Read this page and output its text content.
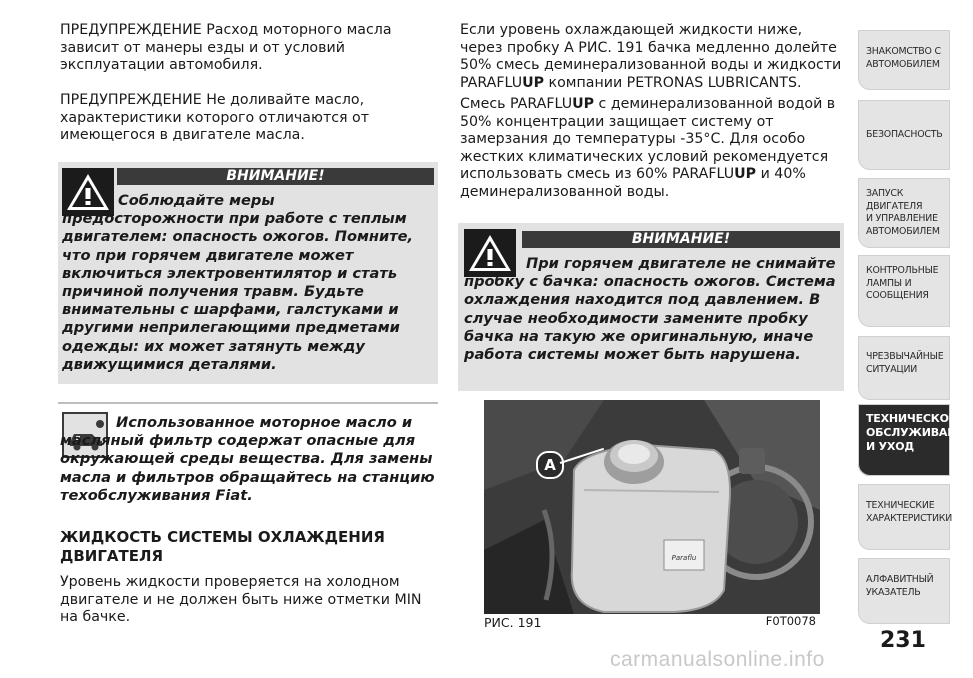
ПРЕДУПРЕЖДЕНИЕ Расход моторного масла зависит от манеры езды и от условий эксплуатации автомобиля.

ПРЕДУПРЕЖДЕНИЕ Не доливайте масло, характеристики которого отличаются от имеющегося в двигателе масла.

ВНИМАНИЕ!

Соблюдайте меры предосторожности при работе с теплым двигателем: опасность ожогов. Помните, что при горячем двигателе может включиться электровентилятор и стать причиной получения травм. Будьте внимательны с шарфами, галстуками и другими неприлегающими предметами одежды: их может затянуть между движущимися деталями.

Использованное моторное масло и масляный фильтр содержат опасные для окружающей среды вещества. Для замены масла и фильтров обращайтесь на станцию техобслуживания Fiat.

ЖИДКОСТЬ СИСТЕМЫ ОХЛАЖДЕНИЯ ДВИГАТЕЛЯ

Уровень жидкости проверяется на холодном двигателе и не должен быть ниже отметки MIN на бачке.

Если уровень охлаждающей жидкости ниже, через пробку A РИС. 191 бачка медленно долейте 50% смесь деминерализованной воды и жидкости PARAFLUUP компании PETRONAS LUBRICANTS.

Смесь PARAFLUUP с деминерализованной водой в 50% концентрации защищает систему от замерзания до температуры -35°C. Для особо жестких климатических условий рекомендуется использовать смесь из 60% PARAFLUUP и 40% деминерализованной воды.

ВНИМАНИЕ!

При горячем двигателе не снимайте пробку с бачка: опасность ожогов. Система охлаждения находится под давлением. В случае необходимости замените пробку бачка на такую же оригинальную, иначе работа системы может быть нарушена.

Paraflu
A
РИС. 191	F0T0078
ЗНАКОМСТВО С
АВТОМОБИЛЕМ
БЕЗОПАСНОСТЬ
ЗАПУСК ДВИГАТЕЛЯ
И УПРАВЛЕНИЕ
АВТОМОБИЛЕМ
КОНТРОЛЬНЫЕ
ЛАМПЫ И
СООБЩЕНИЯ
ЧРЕЗВЫЧАЙНЫЕ
СИТУАЦИИ
ТЕХНИЧЕСКОЕ
ОБСЛУЖИВАНИЕ
И УХОД
ТЕХНИЧЕСКИЕ
ХАРАКТЕРИСТИКИ
АЛФАВИТНЫЙ
УКАЗАТЕЛЬ
231
carmanualsonline.info
